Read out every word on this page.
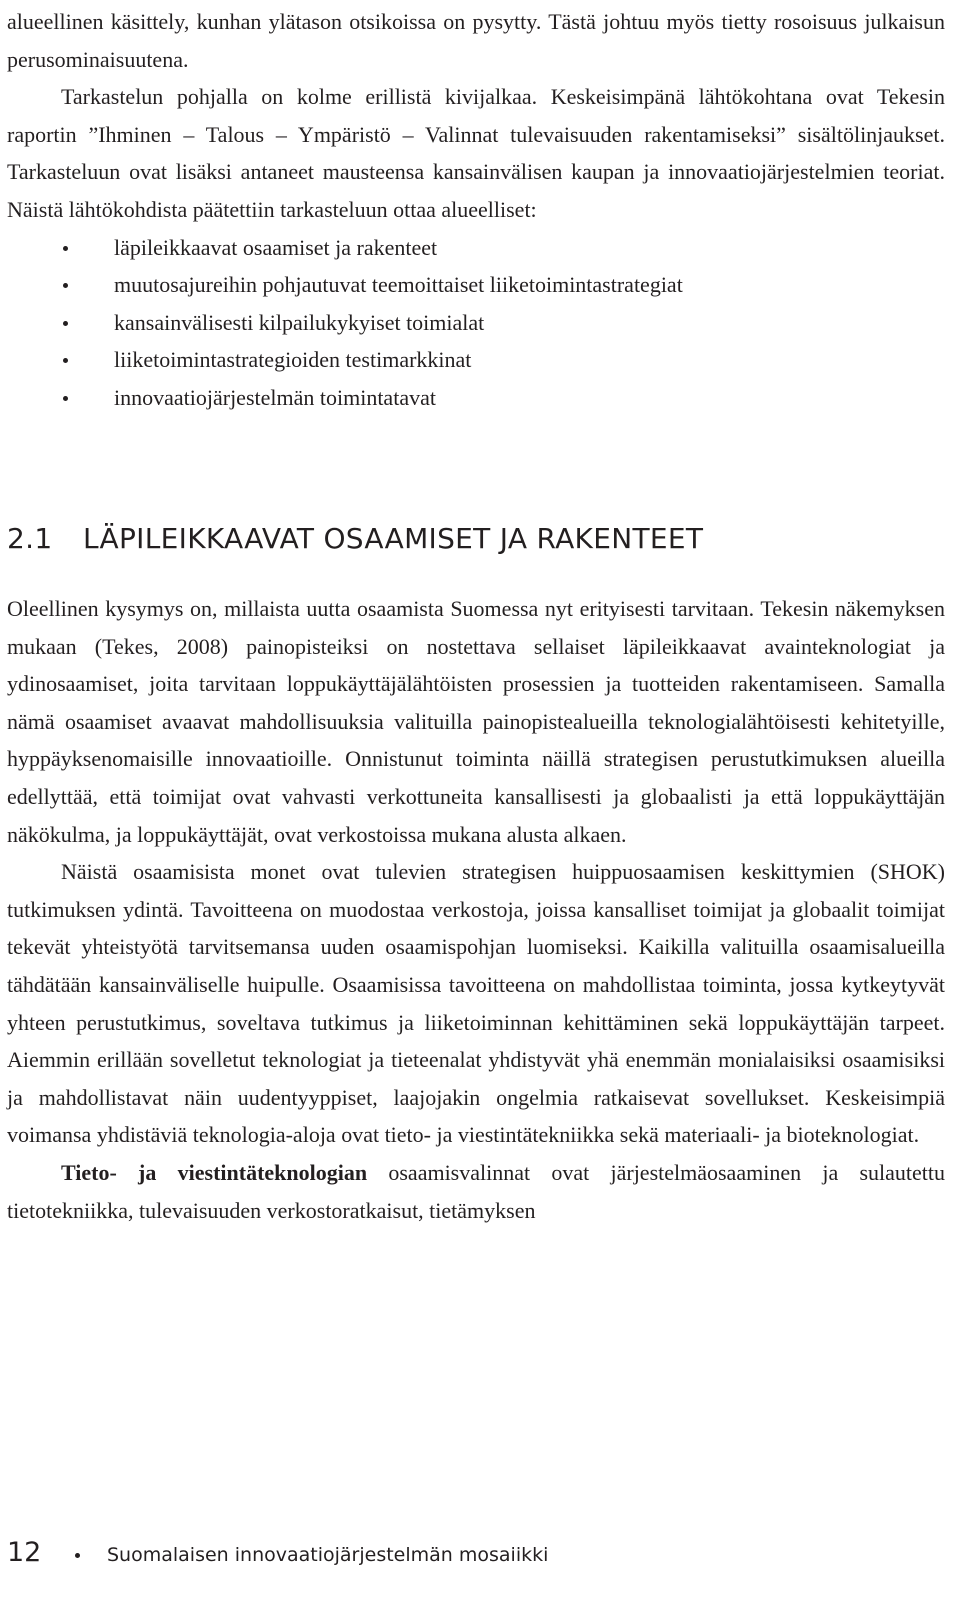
alueellinen käsittely, kunhan ylätason otsikoissa on pysytty. Tästä johtuu myös tietty rosoisuus julkaisun perusominaisuutena.

Tarkastelun pohjalla on kolme erillistä kivijalkaa. Keskeisimpänä lähtökohtana ovat Tekesin raportin ”Ihminen – Talous – Ympäristö – Valinnat tulevaisuuden rakentamiseksi” sisältölinjaukset. Tarkasteluun ovat lisäksi antaneet mausteensa kansainvälisen kaupan ja innovaatiojärjestelmien teoriat. Näistä lähtökohdista päätettiin tarkasteluun ottaa alueelliset:

läpileikkaavat osaamiset ja rakenteet
muutosajureihin pohjautuvat teemoittaiset liiketoimintastrategiat
kansainvälisesti kilpailukykyiset toimialat
liiketoimintastrategioiden testimarkkinat
innovaatiojärjestelmän toimintatavat
2.1 LÄPILEIKKAAVAT OSAAMISET JA RAKENTEET

Oleellinen kysymys on, millaista uutta osaamista Suomessa nyt erityisesti tarvitaan. Tekesin näkemyksen mukaan (Tekes, 2008) painopisteiksi on nostettava sellaiset läpileikkaavat avainteknologiat ja ydinosaamiset, joita tarvitaan loppukäyttäjälähtöisten prosessien ja tuotteiden rakentamiseen. Samalla nämä osaamiset avaavat mahdollisuuksia valituilla painopistealueilla teknologialähtöisesti kehitetyille, hyppäyksenomaisille innovaatioille. Onnistunut toiminta näillä strategisen perustutkimuksen alueilla edellyttää, että toimijat ovat vahvasti verkottuneita kansallisesti ja globaalisti ja että loppukäyttäjän näkökulma, ja loppukäyttäjät, ovat verkostoissa mukana alusta alkaen.

Näistä osaamisista monet ovat tulevien strategisen huippuosaamisen keskittymien (SHOK) tutkimuksen ydintä. Tavoitteena on muodostaa verkostoja, joissa kansalliset toimijat ja globaalit toimijat tekevät yhteistyötä tarvitsemansa uuden osaamispohjan luomiseksi. Kaikilla valituilla osaamisalueilla tähdätään kansainväliselle huipulle. Osaamisissa tavoitteena on mahdollistaa toiminta, jossa kytkeytyvät yhteen perustutkimus, soveltava tutkimus ja liiketoiminnan kehittäminen sekä loppukäyttäjän tarpeet. Aiemmin erillään sovelletut teknologiat ja tieteenalat yhdistyvät yhä enemmän monialaisiksi osaamisiksi ja mahdollistavat näin uudentyyppiset, laajojakin ongelmia ratkaisevat sovellukset. Keskeisimpiä voimansa yhdistäviä teknologia-aloja ovat tieto- ja viestintätekniikka sekä materiaali- ja bioteknologiat.

Tieto- ja viestintäteknologian osaamisvalinnat ovat järjestelmäosaaminen ja sulautettu tietotekniikka, tulevaisuuden verkostoratkaisut, tietämyksen

12	Suomalaisen innovaatiojärjestelmän mosaiikki
